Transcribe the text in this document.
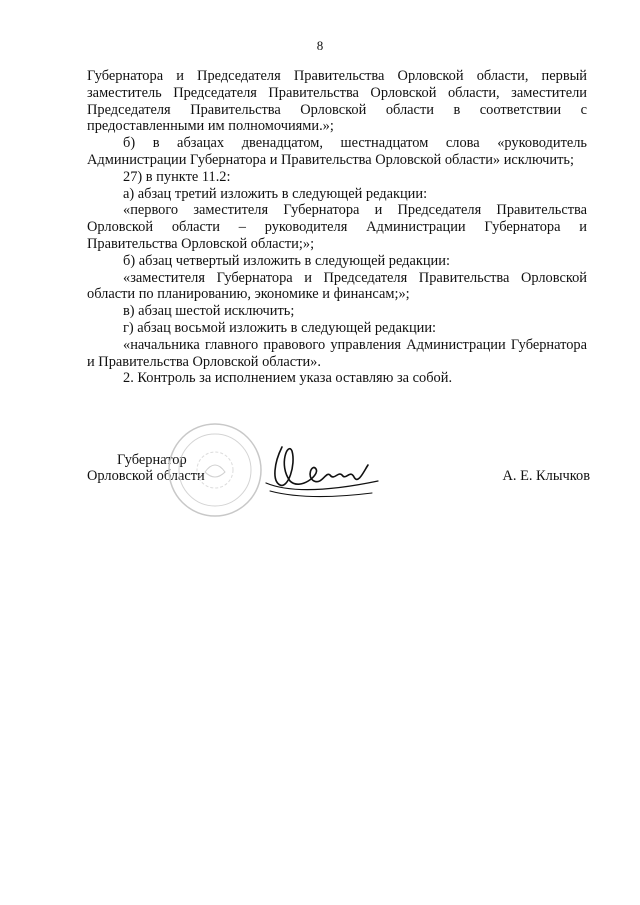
8

Губернатора и Председателя Правительства Орловской области, первый заместитель Председателя Правительства Орловской области, заместители Председателя Правительства Орловской области в соответствии с предоставленными им полномочиями.»;

б) в абзацах двенадцатом, шестнадцатом слова «руководитель Администрации Губернатора и Правительства Орловской области» исключить;

27) в пункте 11.2:

а) абзац третий изложить в следующей редакции:

«первого заместителя Губернатора и Председателя Правительства Орловской области – руководителя Администрации Губернатора и Правительства Орловской области;»;

б) абзац четвертый изложить в следующей редакции:

«заместителя Губернатора и Председателя Правительства Орловской области по планированию, экономике и финансам;»;

в) абзац шестой исключить;

г) абзац восьмой изложить в следующей редакции:

«начальника главного правового управления Администрации Губернатора и Правительства Орловской области».

2. Контроль за исполнением указа оставляю за собой.

Губернатор
Орловской области	А. Е. Клычков
